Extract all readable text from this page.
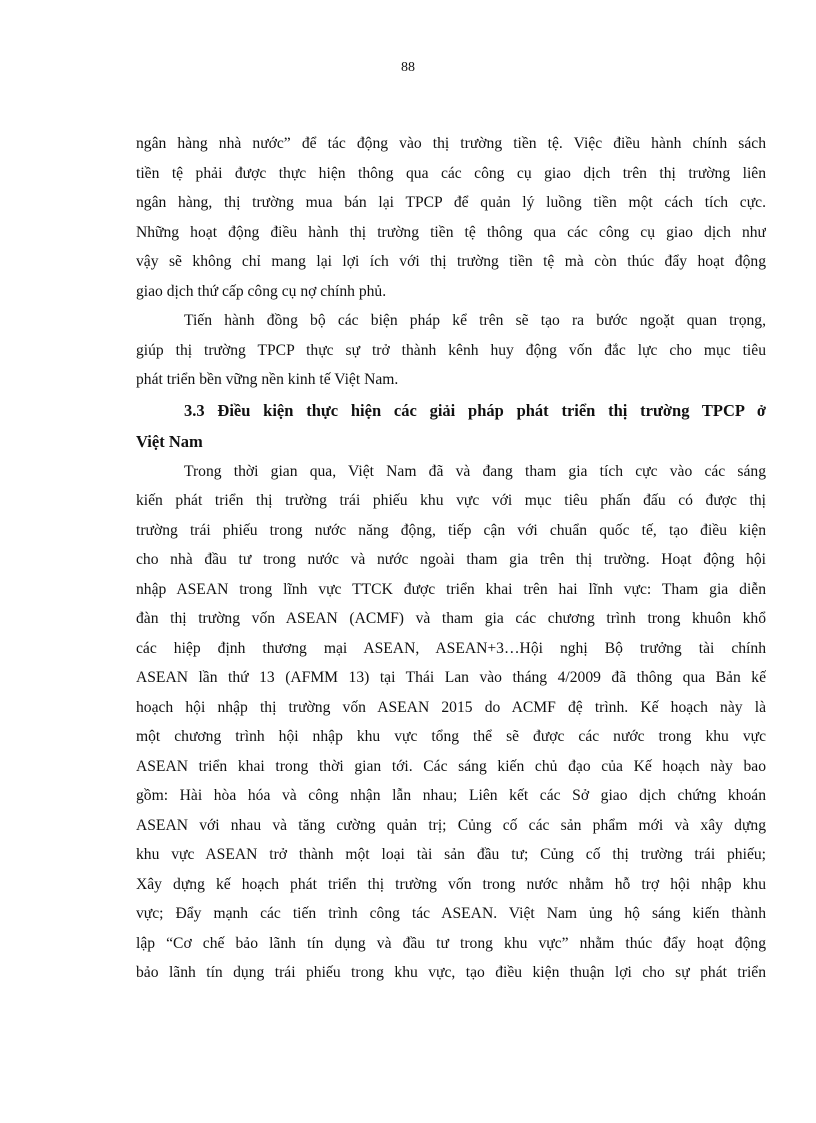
88
ngân hàng nhà nước” để tác động vào thị trường tiền tệ. Việc điều hành chính sách
tiền tệ phải được thực hiện thông qua các công cụ giao dịch trên thị trường liên
ngân hàng, thị trường mua bán lại TPCP để quản lý luồng tiền một cách tích cực.
Những hoạt động điều hành thị trường tiền tệ thông qua các công cụ giao dịch như
vậy sẽ không chỉ mang lại lợi ích với thị trường tiền tệ mà còn thúc đẩy hoạt động
giao dịch thứ cấp công cụ nợ chính phủ.
Tiến hành đồng bộ các biện pháp kể trên sẽ tạo ra bước ngoặt quan trọng,
giúp thị trường TPCP thực sự trở thành kênh huy động vốn đắc lực cho mục tiêu
phát triển bền vững nền kinh tế Việt Nam.
3.3 Điều kiện thực hiện các giải pháp phát triển thị trường TPCP ở
Việt Nam
Trong thời gian qua, Việt Nam đã và đang tham gia tích cực vào các sáng
kiến phát triển thị trường trái phiếu khu vực với mục tiêu phấn đấu có được thị
trường trái phiếu trong nước năng động, tiếp cận với chuẩn quốc tế, tạo điều kiện
cho nhà đầu tư trong nước và nước ngoài tham gia trên thị trường. Hoạt động hội
nhập ASEAN trong lĩnh vực TTCK được triển khai trên hai lĩnh vực: Tham gia diễn
đàn thị trường vốn ASEAN (ACMF) và tham gia các chương trình trong khuôn khổ
các hiệp định thương mại ASEAN, ASEAN+3…Hội nghị Bộ trưởng tài chính
ASEAN lần thứ 13 (AFMM 13) tại Thái Lan vào tháng 4/2009 đã thông qua Bản kế
hoạch hội nhập thị trường vốn ASEAN 2015 do ACMF đệ trình. Kế hoạch này là
một chương trình hội nhập khu vực tổng thể sẽ được các nước trong khu vực
ASEAN triển khai trong thời gian tới. Các sáng kiến chủ đạo của Kế hoạch này bao
gồm: Hài hòa hóa và công nhận lẫn nhau; Liên kết các Sở giao dịch chứng khoán
ASEAN với nhau và tăng cường quản trị; Củng cố các sản phẩm mới và xây dựng
khu vực ASEAN trở thành một loại tài sản đầu tư; Củng cố thị trường trái phiếu;
Xây dựng kế hoạch phát triển thị trường vốn trong nước nhằm hỗ trợ hội nhập khu
vực; Đẩy mạnh các tiến trình công tác ASEAN. Việt Nam ủng hộ sáng kiến thành
lập “Cơ chế bảo lãnh tín dụng và đầu tư trong khu vực” nhằm thúc đẩy hoạt động
bảo lãnh tín dụng trái phiếu trong khu vực, tạo điều kiện thuận lợi cho sự phát triển
